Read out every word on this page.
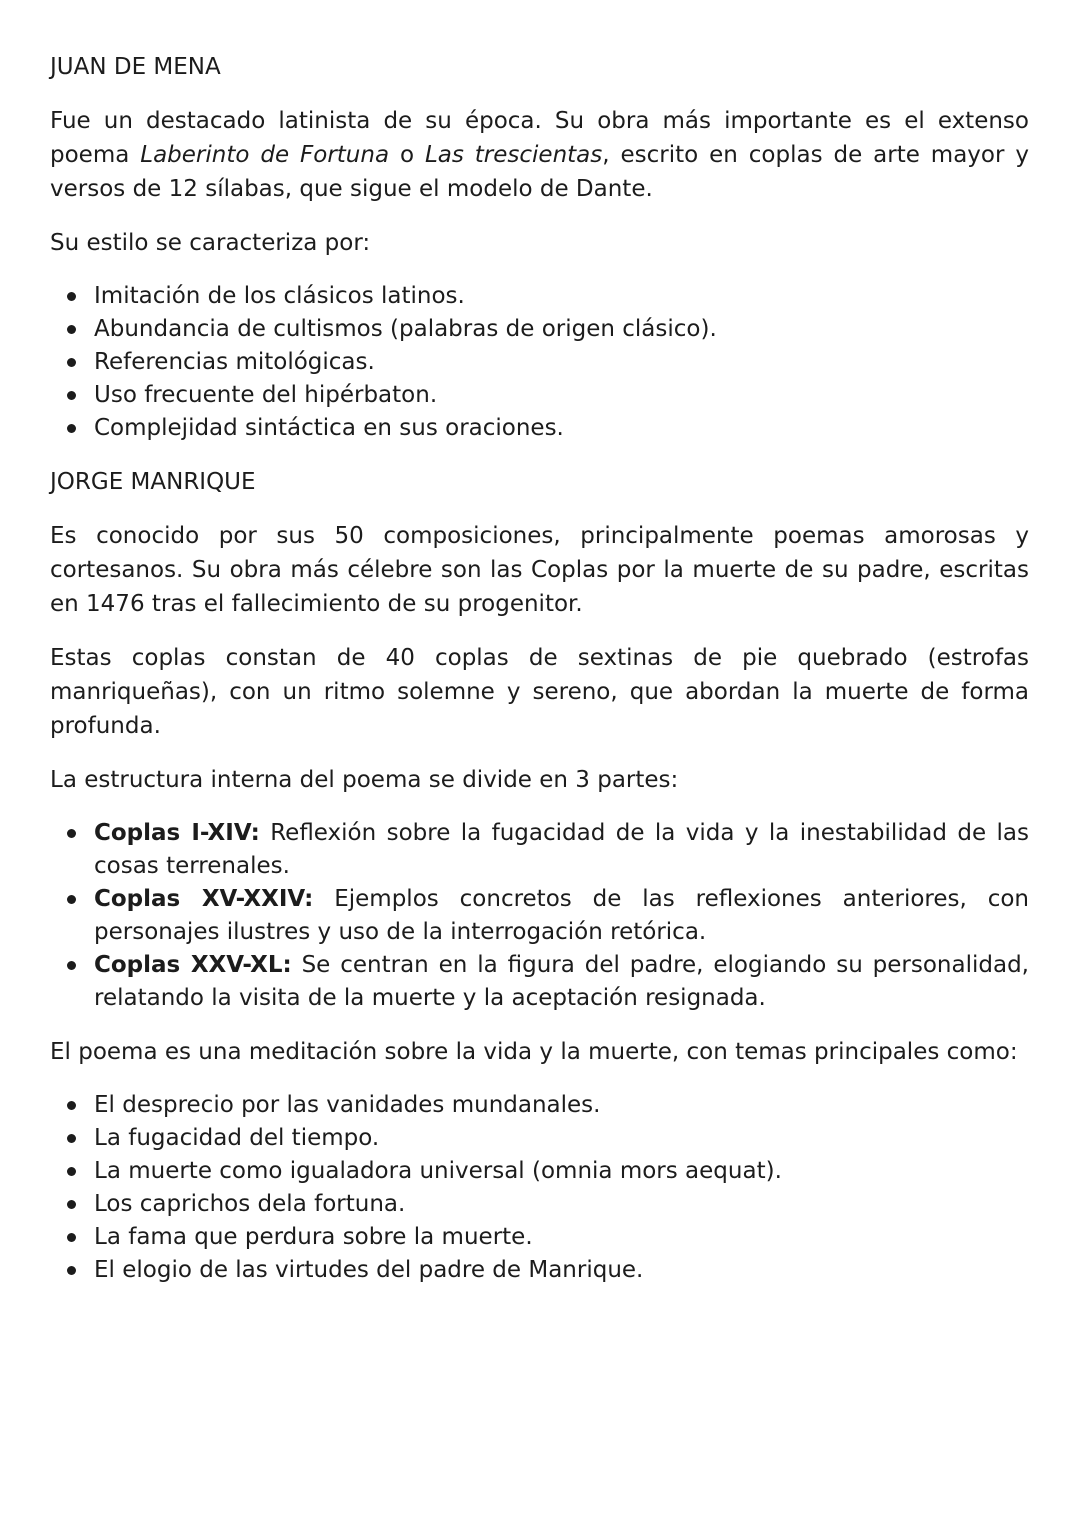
JUAN DE MENA

Fue un destacado latinista de su época. Su obra más importante es el extenso poema Laberinto de Fortuna o Las trescientas, escrito en coplas de arte mayor y versos de 12 sílabas, que sigue el modelo de Dante.

Su estilo se caracteriza por:

Imitación de los clásicos latinos.
Abundancia de cultismos (palabras de origen clásico).
Referencias mitológicas.
Uso frecuente del hipérbaton.
Complejidad sintáctica en sus oraciones.
JORGE MANRIQUE

Es conocido por sus 50 composiciones, principalmente poemas amorosas y cortesanos. Su obra más célebre son las Coplas por la muerte de su padre, escritas en 1476 tras el fallecimiento de su progenitor.

Estas coplas constan de 40 coplas de sextinas de pie quebrado (estrofas manriqueñas), con un ritmo solemne y sereno, que abordan la muerte de forma profunda.

La estructura interna del poema se divide en 3 partes:

Coplas I-XIV: Reflexión sobre la fugacidad de la vida y la inestabilidad de las cosas terrenales.
Coplas XV-XXIV: Ejemplos concretos de las reflexiones anteriores, con personajes ilustres y uso de la interrogación retórica.
Coplas XXV-XL: Se centran en la figura del padre, elogiando su personalidad, relatando la visita de la muerte y la aceptación resignada.

El poema es una meditación sobre la vida y la muerte, con temas principales como:

El desprecio por las vanidades mundanales.
La fugacidad del tiempo.
La muerte como igualadora universal (omnia mors aequat).
Los caprichos dela fortuna.
La fama que perdura sobre la muerte.
El elogio de las virtudes del padre de Manrique.
